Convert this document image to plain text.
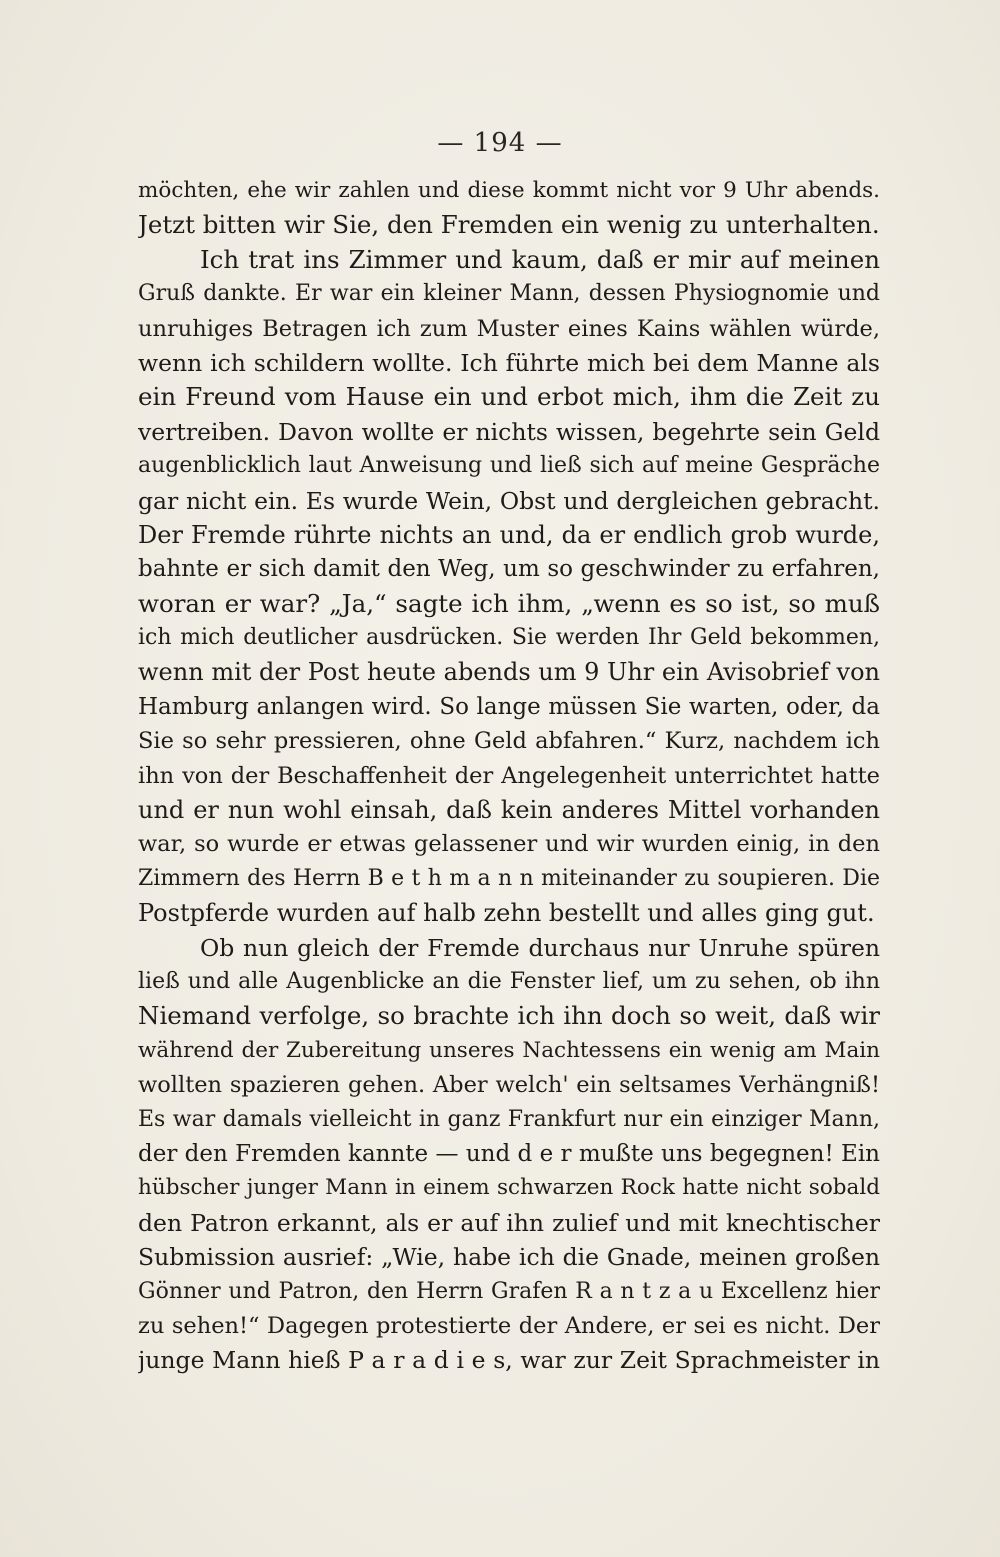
— 194 —
möchten, ehe wir zahlen und diese kommt nicht vor 9 Uhr abends.
Jetzt bitten wir Sie, den Fremden ein wenig zu unterhalten.
Ich trat ins Zimmer und kaum, daß er mir auf meinen
Gruß dankte. Er war ein kleiner Mann, dessen Physiognomie und
unruhiges Betragen ich zum Muster eines Kains wählen würde,
wenn ich schildern wollte. Ich führte mich bei dem Manne als
ein Freund vom Hause ein und erbot mich, ihm die Zeit zu
vertreiben. Davon wollte er nichts wissen, begehrte sein Geld
augenblicklich laut Anweisung und ließ sich auf meine Gespräche
gar nicht ein. Es wurde Wein, Obst und dergleichen gebracht.
Der Fremde rührte nichts an und, da er endlich grob wurde,
bahnte er sich damit den Weg, um so geschwinder zu erfahren,
woran er war? „Ja,“ sagte ich ihm, „wenn es so ist, so muß
ich mich deutlicher ausdrücken. Sie werden Ihr Geld bekommen,
wenn mit der Post heute abends um 9 Uhr ein Avisobrief von
Hamburg anlangen wird. So lange müssen Sie warten, oder, da
Sie so sehr pressieren, ohne Geld abfahren.“ Kurz, nachdem ich
ihn von der Beschaffenheit der Angelegenheit unterrichtet hatte
und er nun wohl einsah, daß kein anderes Mittel vorhanden
war, so wurde er etwas gelassener und wir wurden einig, in den
Zimmern des Herrn B e t h m a n n miteinander zu soupieren. Die
Postpferde wurden auf halb zehn bestellt und alles ging gut.
Ob nun gleich der Fremde durchaus nur Unruhe spüren
ließ und alle Augenblicke an die Fenster lief, um zu sehen, ob ihn
Niemand verfolge, so brachte ich ihn doch so weit, daß wir
während der Zubereitung unseres Nachtessens ein wenig am Main
wollten spazieren gehen. Aber welch' ein seltsames Verhängniß!
Es war damals vielleicht in ganz Frankfurt nur ein einziger Mann,
der den Fremden kannte — und d e r mußte uns begegnen! Ein
hübscher junger Mann in einem schwarzen Rock hatte nicht sobald
den Patron erkannt, als er auf ihn zulief und mit knechtischer
Submission ausrief: „Wie, habe ich die Gnade, meinen großen
Gönner und Patron, den Herrn Grafen R a n t z a u Excellenz hier
zu sehen!“ Dagegen protestierte der Andere, er sei es nicht. Der
junge Mann hieß P a r a d i e s, war zur Zeit Sprachmeister in
